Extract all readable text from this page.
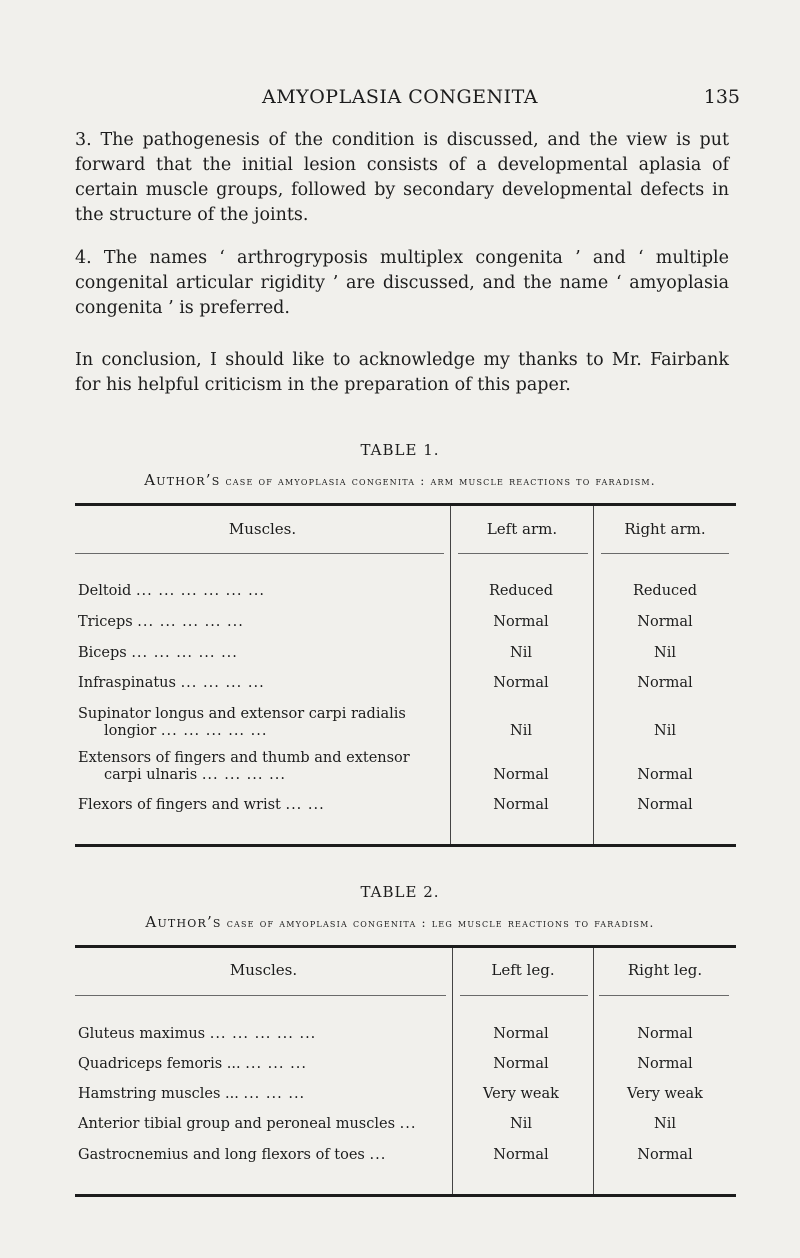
AMYOPLASIA CONGENITA	135

3. The pathogenesis of the condition is discussed, and the view is put forward that the initial lesion consists of a developmental aplasia of certain muscle groups, followed by secondary developmental defects in the structure of the joints.

4. The names ‘ arthrogryposis multiplex congenita ’ and ‘ multiple congenital articular rigidity ’ are discussed, and the name ‘ amyoplasia congenita ’ is preferred.

In conclusion, I should like to acknowledge my thanks to Mr. Fairbank for his helpful criticism in the preparation of this paper.

TABLE 1.
Author’s case of amyoplasia congenita : arm muscle reactions to faradism.
Muscles.	Left arm.	Right arm.
Deltoid ... ... ... ... ... ...	Reduced	Reduced
Triceps ... ... ... ... ...	Normal	Normal
Biceps ... ... ... ... ...	Nil	Nil
Infraspinatus ... ... ... ...	Normal	Normal
Supinator longus and extensor carpi radialis
longior ... ... ... ... ...	Nil	Nil
Extensors of fingers and thumb and extensor
carpi ulnaris ... ... ... ...	Normal	Normal
Flexors of fingers and wrist ... ...	Normal	Normal
TABLE 2.
Author’s case of amyoplasia congenita : leg muscle reactions to faradism.
Muscles.	Left leg.	Right leg.
Gluteus maximus ... ... ... ... ...	Normal	Normal
Quadriceps femoris ... ... ... ...	Normal	Normal
Hamstring muscles ... ... ... ...	Very weak	Very weak
Anterior tibial group and peroneal muscles ...	Nil	Nil
Gastrocnemius and long flexors of toes ...	Normal	Normal
